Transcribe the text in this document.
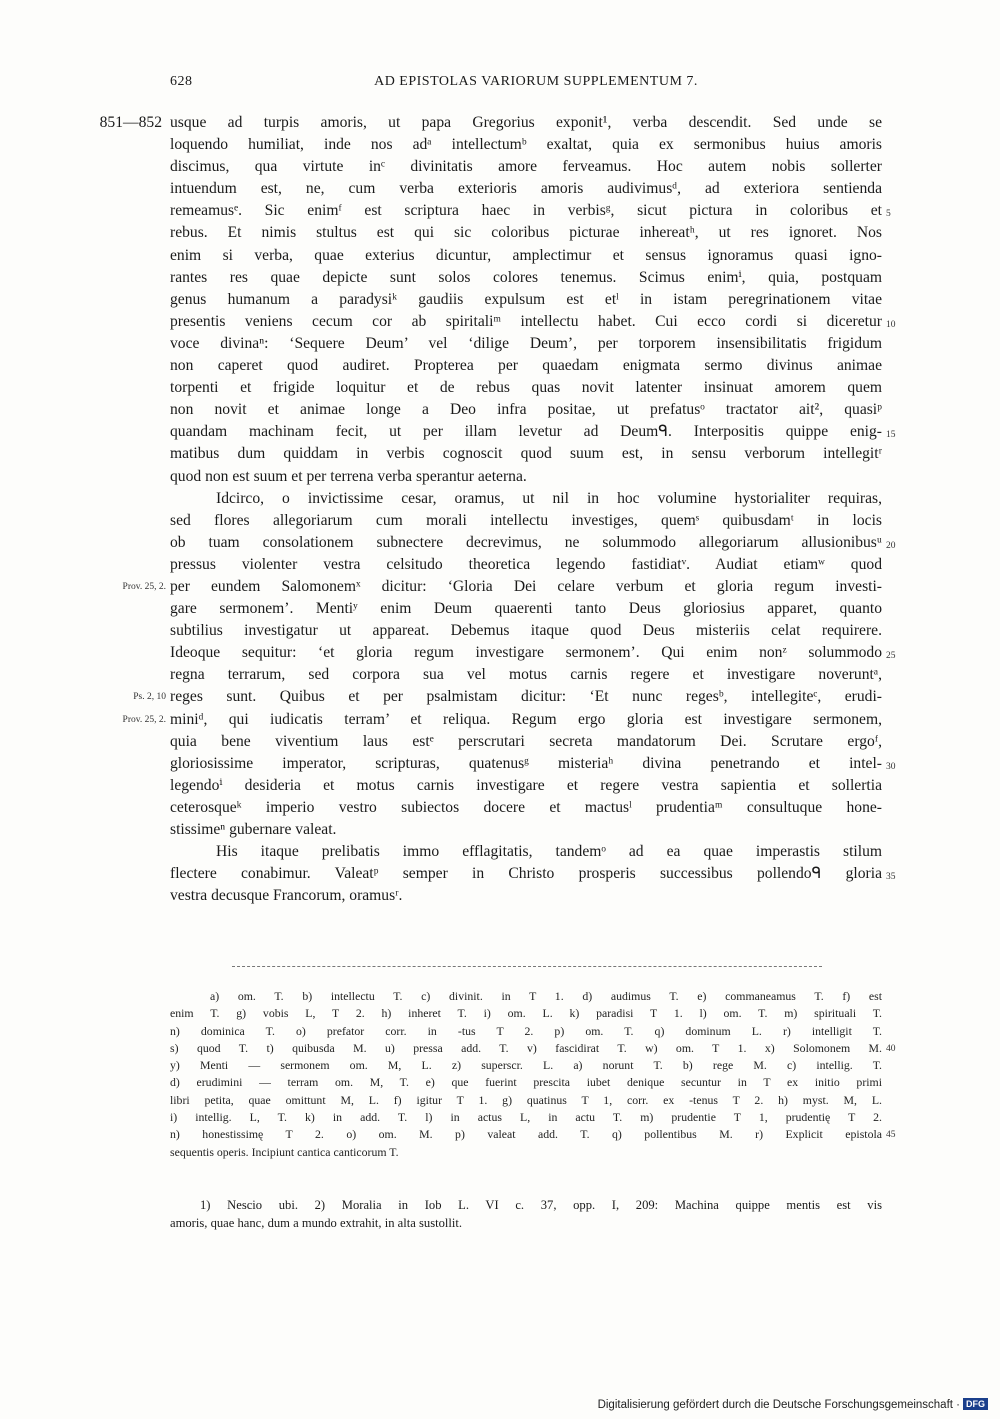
628	AD EPISTOLAS VARIORUM SUPPLEMENTUM 7.
851—852 usque ad turpis amoris, ut papa Gregorius exponit¹, verba descendit. Sed unde se
loquendo humiliat, inde nos adᵃ intellectumᵇ exaltat, quia ex sermonibus huius amoris
discimus, qua virtute inᶜ divinitatis amore ferveamus. Hoc autem nobis sollerter
intuendum est, ne, cum verba exterioris amoris audivimusᵈ, ad exteriora sentienda
remeamusᵉ. Sic enimᶠ est scriptura haec in verbisᵍ, sicut pictura in coloribus et 5
rebus. Et nimis stultus est qui sic coloribus picturae inhereatʰ, ut res ignoret. Nos
enim si verba, quae exterius dicuntur, amplectimur et sensus ignoramus quasi igno-
rantes res quae depicte sunt solos colores tenemus. Scimus enimⁱ, quia, postquam
genus humanum a paradysiᵏ gaudiis expulsum est etˡ in istam peregrinationem vitae
presentis veniens cecum cor ab spiritaliᵐ intellectu habet. Cui ecco cordi si diceretur 10
voce divinaⁿ: ‘Sequere Deum’ vel ‘dilige Deum’, per torporem insensibilitatis frigidum
non caperet quod audiret. Propterea per quaedam enigmata sermo divinus animae
torpenti et frigide loquitur et de rebus quas novit latenter insinuat amorem quem
non novit et animae longe a Deo infra positae, ut prefatusᵒ tractator ait², quasiᵖ
quandam machinam fecit, ut per illam levetur ad Deumᑫ. Interpositis quippe enig- 15
matibus dum quiddam in verbis cognoscit quod suum est, in sensu verborum intellegitʳ
quod non est suum et per terrena verba sperantur aeterna.
Idcirco, o invictissime cesar, oramus, ut nil in hoc volumine hystorialiter requiras,
sed flores allegoriarum cum morali intellectu investiges, quemˢ quibusdamᵗ in locis
ob tuam consolationem subnectere decrevimus, ne solummodo allegoriarum allusionibusᵘ 20
pressus violenter vestra celsitudo theoretica legendo fastidiatᵛ. Audiat etiamʷ quod
Prov. 25, 2. per eundem Salomonemˣ dicitur: ‘Gloria Dei celare verbum et gloria regum investi-
gare sermonem’. Mentiʸ enim Deum quaerenti tanto Deus gloriosius apparet, quanto
subtilius investigatur ut appareat. Debemus itaque quod Deus misteriis celat requirere.
Ideoque sequitur: ‘et gloria regum investigare sermonem’. Qui enim nonᶻ solummodo 25
regna terrarum, sed corpora sua vel motus carnis regere et investigare noveruntᵃ,
Ps. 2, 10 reges sunt. Quibus et per psalmistam dicitur: ‘Et nunc regesᵇ, intellegiteᶜ, erudi-
Prov. 25, 2. miniᵈ, qui iudicatis terram’ et reliqua. Regum ergo gloria est investigare sermonem,
quia bene viventium laus estᵉ perscrutari secreta mandatorum Dei. Scrutare ergoᶠ,
gloriosissime imperator, scripturas, quatenusᵍ misteriaʰ divina penetrando et intel- 30
legendoⁱ desideria et motus carnis investigare et regere vestra sapientia et sollertia
ceterosqueᵏ imperio vestro subiectos docere et mactusˡ prudentiaᵐ consultuque hone-
stissimeⁿ gubernare valeat.
His itaque prelibatis immo efflagitatis, tandemᵒ ad ea quae imperastis stilum
flectere conabimur. Valeatᵖ semper in Christo prosperis successibus pollendoᑫ gloria 35
vestra decusque Francorum, oramusʳ.
a) om. T. b) intellectu T. c) divinit. in T 1. d) audimus T. e) commaneamus T. f) est
enim T. g) vobis L, T 2. h) inheret T. i) om. L. k) paradisi T 1. l) om. T. m) spirituali T.
n) dominica T. o) prefator corr. in -tus T 2. p) om. T. q) dominum L. r) intelligit T.
s) quod T. t) quibusda M. u) pressa add. T. v) fascidirat T. w) om. T 1. x) Solomonem M. 40
y) Menti — sermonem om. M, L. z) superscr. L. a) norunt T. b) rege M. c) intellig. T.
d) erudimini — terram om. M, T. e) que fuerint prescita iubet denique secuntur in T ex initio primi
libri petita, quae omittunt M, L. f) igitur T 1. g) quatinus T 1, corr. ex -tenus T 2. h) myst. M, L.
i) intellig. L, T. k) in add. T. l) in actus L, in actu T. m) prudentie T 1, prudentię T 2.
n) honestissimę T 2. o) om. M. p) valeat add. T. q) pollentibus M. r) Explicit epistola 45
sequentis operis. Incipiunt cantica canticorum T.
1) Nescio ubi. 2) Moralia in Iob L. VI c. 37, opp. I, 209: Machina quippe mentis est vis
amoris, quae hanc, dum a mundo extrahit, in alta sustollit.
Digitalisierung gefördert durch die Deutsche Forschungsgemeinschaft · DFG
